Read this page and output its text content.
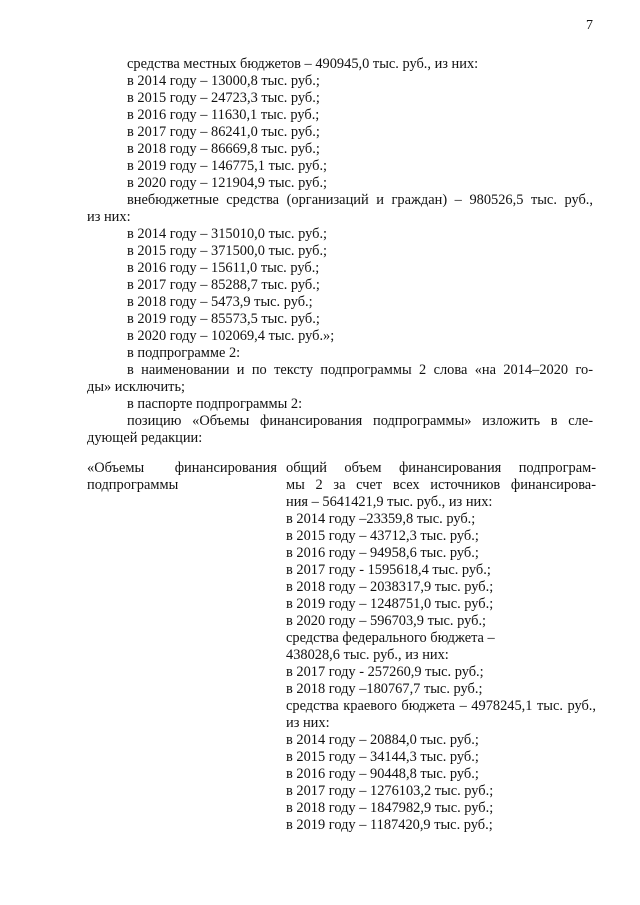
7
средства местных бюджетов – 490945,0 тыс. руб., из них:
в 2014 году – 13000,8 тыс. руб.;
в 2015 году – 24723,3 тыс. руб.;
в 2016 году – 11630,1 тыс. руб.;
в 2017 году – 86241,0 тыс. руб.;
в 2018 году – 86669,8 тыс. руб.;
в 2019 году – 146775,1 тыс. руб.;
в 2020 году – 121904,9 тыс. руб.;
внебюджетные средства (организаций и граждан) – 980526,5 тыс. руб.,
из них:
в 2014 году – 315010,0 тыс. руб.;
в 2015 году – 371500,0 тыс. руб.;
в 2016 году – 15611,0 тыс. руб.;
в 2017 году – 85288,7 тыс. руб.;
в 2018 году – 5473,9 тыс. руб.;
в 2019 году – 85573,5 тыс. руб.;
в 2020 году – 102069,4 тыс. руб.»;
в подпрограмме 2:
в наименовании и по тексту подпрограммы 2 слова «на 2014–2020 го-
ды» исключить;
в паспорте подпрограммы 2:
позицию «Объемы финансирования подпрограммы» изложить в сле-
дующей редакции:
«Объемы финансирования
подпрограммы
общий объем финансирования подпрограм-
мы 2 за счет всех источников финансирова-
ния – 5641421,9 тыс. руб., из них:
в 2014 году –23359,8 тыс. руб.;
в 2015 году – 43712,3 тыс. руб.;
в 2016 году – 94958,6 тыс. руб.;
в 2017 году - 1595618,4 тыс. руб.;
в 2018 году – 2038317,9 тыс. руб.;
в 2019 году – 1248751,0 тыс. руб.;
в 2020 году – 596703,9 тыс. руб.;
средства федерального бюджета –
438028,6 тыс. руб., из них:
в 2017 году - 257260,9 тыс. руб.;
в 2018 году –180767,7 тыс. руб.;
средства краевого бюджета – 4978245,1 тыс. руб.,
из них:
в 2014 году – 20884,0 тыс. руб.;
в 2015 году – 34144,3 тыс. руб.;
в 2016 году – 90448,8 тыс. руб.;
в 2017 году – 1276103,2 тыс. руб.;
в 2018 году – 1847982,9 тыс. руб.;
в 2019 году – 1187420,9 тыс. руб.;
